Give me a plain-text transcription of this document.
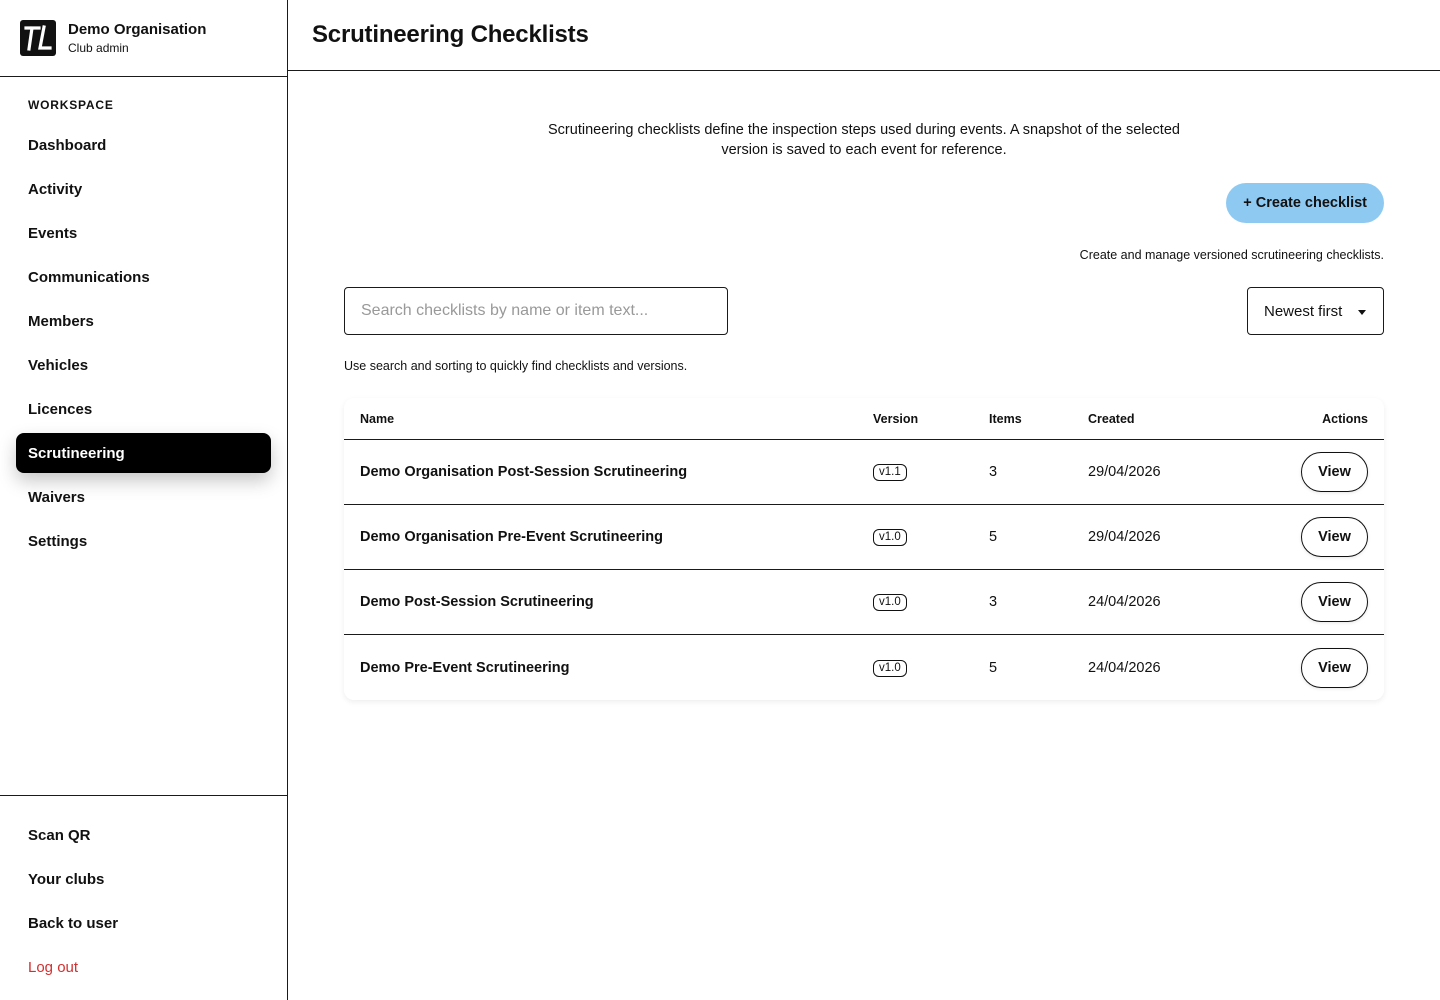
Demo Organisation
Club admin
WORKSPACE
Dashboard
Activity
Events
Communications
Members
Vehicles
Licences
Scrutineering
Waivers
Settings
Scan QR
Your clubs
Back to user
Log out
Scrutineering Checklists

Scrutineering checklists define the inspection steps used during events. A snapshot of the selected version is saved to each event for reference.

+ Create checklist
Create and manage versioned scrutineering checklists.
Search checklists by name or item text...
Newest first
Use search and sorting to quickly find checklists and versions.
Name	Version	Items	Created	Actions
Demo Organisation Post-Session Scrutineering	v1.1	3	29/04/2026	View
Demo Organisation Pre-Event Scrutineering	v1.0	5	29/04/2026	View
Demo Post-Session Scrutineering	v1.0	3	24/04/2026	View
Demo Pre-Event Scrutineering	v1.0	5	24/04/2026	View
